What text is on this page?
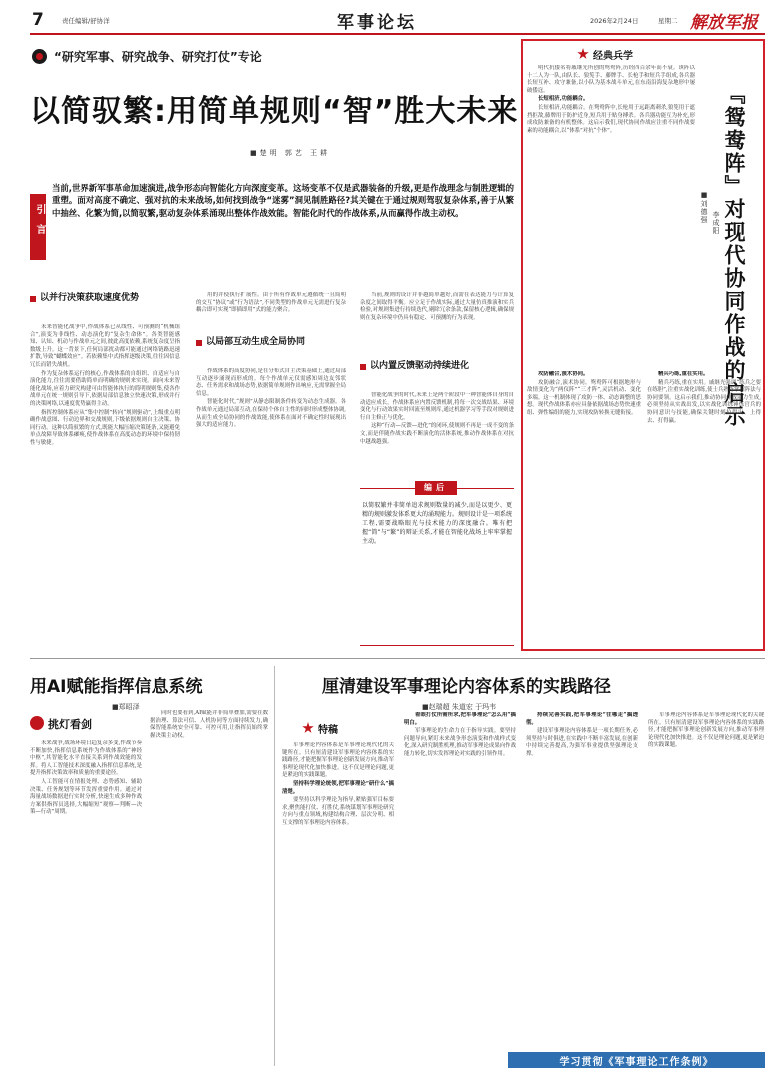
7	责任编辑/舒协洋	军事论坛	2026年2月24日	星期二 解放军报
“研究军事、研究战争、研究打仗”专论
以简驭繁:用简单规则“智”胜大未来
■楚明 郭艺 王耕
引言
当前,世界新军事革命加速演进,战争形态向智能化方向深度变革。这场变革不仅是武器装备的升级,更是作战理念与制胜逻辑的重塑。面对高度不确定、强对抗的未来战场,如何找到战争“迷雾”洞见制胜路径?其关键在于通过规则驾驭复杂体系,善于从繁中抽丝、化繁为简,以简驭繁,驱动复杂体系涌现出整体作战效能。智能化时代的作战体系,从而赢得作战主动权。
以并行决策获取速度优势

未来智能化战争中,作战体系已从线性、可预测的“机械组合”,演变为非线性、动态演化的“复杂生命体”。各类智能感知、认知、机动与作战单元之间,彼此高度依赖,系统复杂度呈指数级上升。这一背景下,任何局部扰动都可能通过网络链路迅速扩散,导致“蝴蝶效应”。若依赖集中式指挥逐级决策,往往因信息冗长而错失战机。

作为复杂体系运行的核心,作战体系的自组织、自适应与自演化能力,往往需要借助简单而明确的规则来实现。面向未来智能化战场,应着力研究构建可由智能体执行的简明规则集,使各作战单元在统一规则引导下,依据局部信息独立快速决策,形成并行的决策网络,以速度优势赢得主动。

指挥控制体系应从“集中控制”转向“规则驱动”,上级重点明确作战意图、行动边界和交战规则,下级依据规则自主决策、协同行动。这种以简驭繁的方式,既能大幅压缩决策链条,又能避免单点故障导致体系瘫痪,使作战体系在高度动态的环境中保持韧性与敏捷。

用的并使执行扩展性。由于所有作战单元遵循统一且简明的交互“协议”或“行为语法”,不同类型的作战单元无需进行复杂耦合即可实现“即插即用”式的能力聚合。

以局部互动生成全局协同

作战体系的高度协同,是在分布式自主决策基础上,通过局部互动逐步涌现而形成的。每个作战单元仅需感知周边友邻状态、任务需求和战场态势,依据简单规则作出响应,无需掌握全局信息。

智能化时代,“规则”从静态限制条件转变为动态生成器。各作战单元通过局部互动,在保持个体自主性的同时形成整体协调,从而生成全局协同的作战效能,使体系在面对不确定性时展现出强大的适应能力。

当前,规则的设计并非越简单越好,而需在表达能力与计算复杂度之间取得平衡。应立足于作战实际,通过大量仿真推演和实兵检验,对规则集进行持续迭代,剔除冗余条款,保留核心逻辑,确保规则在复杂环境中仍具有稳定、可预测的行为表现。

以内置反馈驱动持续进化

智能化战争的时代,未来上是两个阶段中一种智能体自身的自动适应成长。作战体系应内置反馈机制,将每一次交战结果、环境变化与行动效果实时回流至规则库,通过机器学习等手段对规则进行自主修正与优化。

这种“行动—反馈—进化”的闭环,使规则不再是一成不变的条文,而是伴随作战实践不断演化的活体系统,推动作战体系在对抗中越战越强。

编后
以简驭繁并非简单追求规则数量的减少,而是以更少、更精的规则激发体系更大的涌现能力。规则设计是一项系统工程,需要战略眼光与技术能力的深度融合。唯有把握“简”与“繁”的辩证关系,才能在智能化战场上牢牢掌握主动。
经典兵学
『鸳鸯阵』对现代协同作战的启示
■刘德强 李成阳

明代抗倭名将戚继光所创的鸳鸯阵,历经四百余年而不衰。该阵以十二人为一队,由队长、狼筅手、藤牌手、长枪手和短兵手组成,各兵器长短互补、攻守兼备,以小队为基本战斗单元,在东南沿海复杂地形中屡破倭寇。

长短相济,功能耦合。

长短相济,功能耦合。在鸳鸯阵中,长枪用于远距离刺杀,狼筅用于遮挡拒敌,藤牌用于防护近身,短兵用于贴身搏杀。各兵器功能互为补充,形成攻防兼备的有机整体。这启示我们,现代协同作战应注重不同作战要素的功能耦合,以“体系”对抗“个体”。

攻防融合,演术协同。

攻防融合,演术协同。鸳鸯阵可根据地形与敌情变化为“两仪阵”“三才阵”,灵活机动、变化多端。这一机制体现了攻防一体、动态调整的思想。现代作战体系亦应具备依据战场态势快速重组、弹性编组的能力,实现攻防转换无缝衔接。

精兵巧练,重在实用。

精兵巧练,重在实用。戚继光强调“练兵之要在练胆”,注重实战化训练,使士兵熟练掌握阵法与协同要领。这启示我们,推动协同作战能力生成,必须坚持从实战出发,以实战化训练锤炼官兵的协同意识与技能,确保关键时刻拉得出、上得去、打得赢。

用AI赋能指挥信息系统
■郑昭泽
挑灯看剑

未来战争,战场环境日趋复杂多变,作战节奏不断加快,指挥信息系统作为作战体系的“神经中枢”,其智能化水平直接关系到作战效能的发挥。将人工智能技术深度融入指挥信息系统,是提升指挥决策效率和质量的重要途径。

人工智能可在情报处理、态势感知、辅助决策、任务规划等环节发挥重要作用。通过对海量战场数据进行实时分析,快速生成多种作战方案供指挥员选择,大幅缩短“观察—判断—决策—行动”周期。

同时也要看到,AI赋能并非简单叠加,需要在数据治理、算法可信、人机协同等方面持续发力,确保智能系统安全可靠、可控可用,让指挥员始终掌握决策主动权。

厘清建设军事理论内容体系的实践路径
■赵瑞超 朱道宏 于玛韦
特稿

军事理论内容体系是军事理论现代化的关键所在。只有厘清建设军事理论内容体系的实践路径,才能把握军事理论创新发展方向,推动军事理论现代化加快推进。这不仅是理论问题,更是紧迫的实践课题。

坚持科学理论统领,把军事理论“研什么”搞清楚。

要坚持以科学理论为指导,紧贴强军目标要求,聚焦能打仗、打胜仗,系统谋划军事理论研究方向与重点领域,构建结构合理、层次分明、相互支撑的军事理论内容体系。

着眼打仗所需所求,把军事理论“怎么用”搞明白。

军事理论的生命力在于指导实践。要坚持问题导向,紧盯未来战争形态演变和作战样式变化,深入研究制胜机理,推动军事理论成果向作战能力转化,切实发挥理论对实践的引领作用。

持续完善实践,把军事理论“往哪走”搞透彻。

建设军事理论内容体系是一项长期任务,必须坚持与时俱进,在实践中不断丰富发展,在创新中持续完善提高,为强军事业提供坚强理论支撑。

军事理论内容体系是军事理论现代化的关键所在。只有厘清建设军事理论内容体系的实践路径,才能把握军事理论创新发展方向,推动军事理论现代化加快推进。这不仅是理论问题,更是紧迫的实践课题。

学习贯彻《军事理论工作条例》
